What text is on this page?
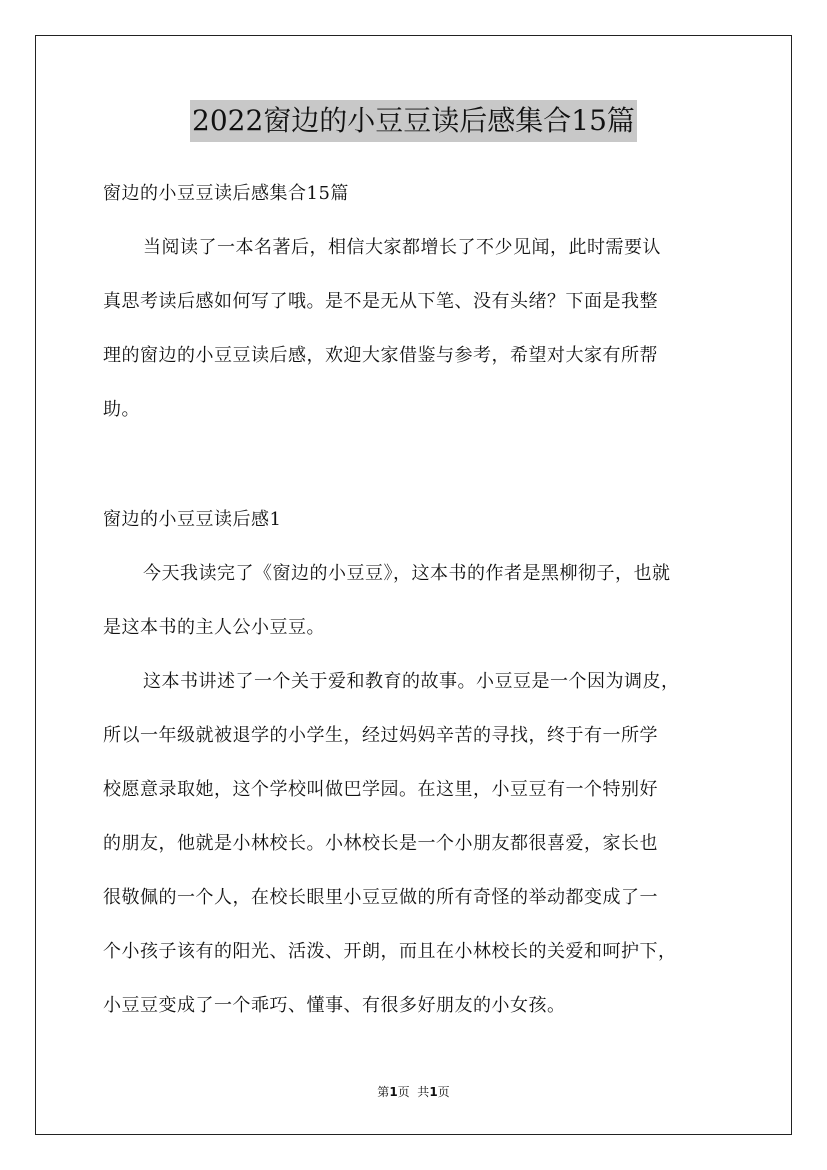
2022窗边的小豆豆读后感集合15篇
窗边的小豆豆读后感集合15篇
当阅读了一本名著后，相信大家都增长了不少见闻，此时需要认
真思考读后感如何写了哦。是不是无从下笔、没有头绪？下面是我整
理的窗边的小豆豆读后感，欢迎大家借鉴与参考，希望对大家有所帮
助。
窗边的小豆豆读后感1
今天我读完了《窗边的小豆豆》，这本书的作者是黑柳彻子，也就
是这本书的主人公小豆豆。
这本书讲述了一个关于爱和教育的故事。小豆豆是一个因为调皮，
所以一年级就被退学的小学生，经过妈妈辛苦的寻找，终于有一所学
校愿意录取她，这个学校叫做巴学园。在这里，小豆豆有一个特别好
的朋友，他就是小林校长。小林校长是一个小朋友都很喜爱，家长也
很敬佩的一个人，在校长眼里小豆豆做的所有奇怪的举动都变成了一
个小孩子该有的阳光、活泼、开朗，而且在小林校长的关爱和呵护下，
小豆豆变成了一个乖巧、懂事、有很多好朋友的小女孩。
第1页  共1页
